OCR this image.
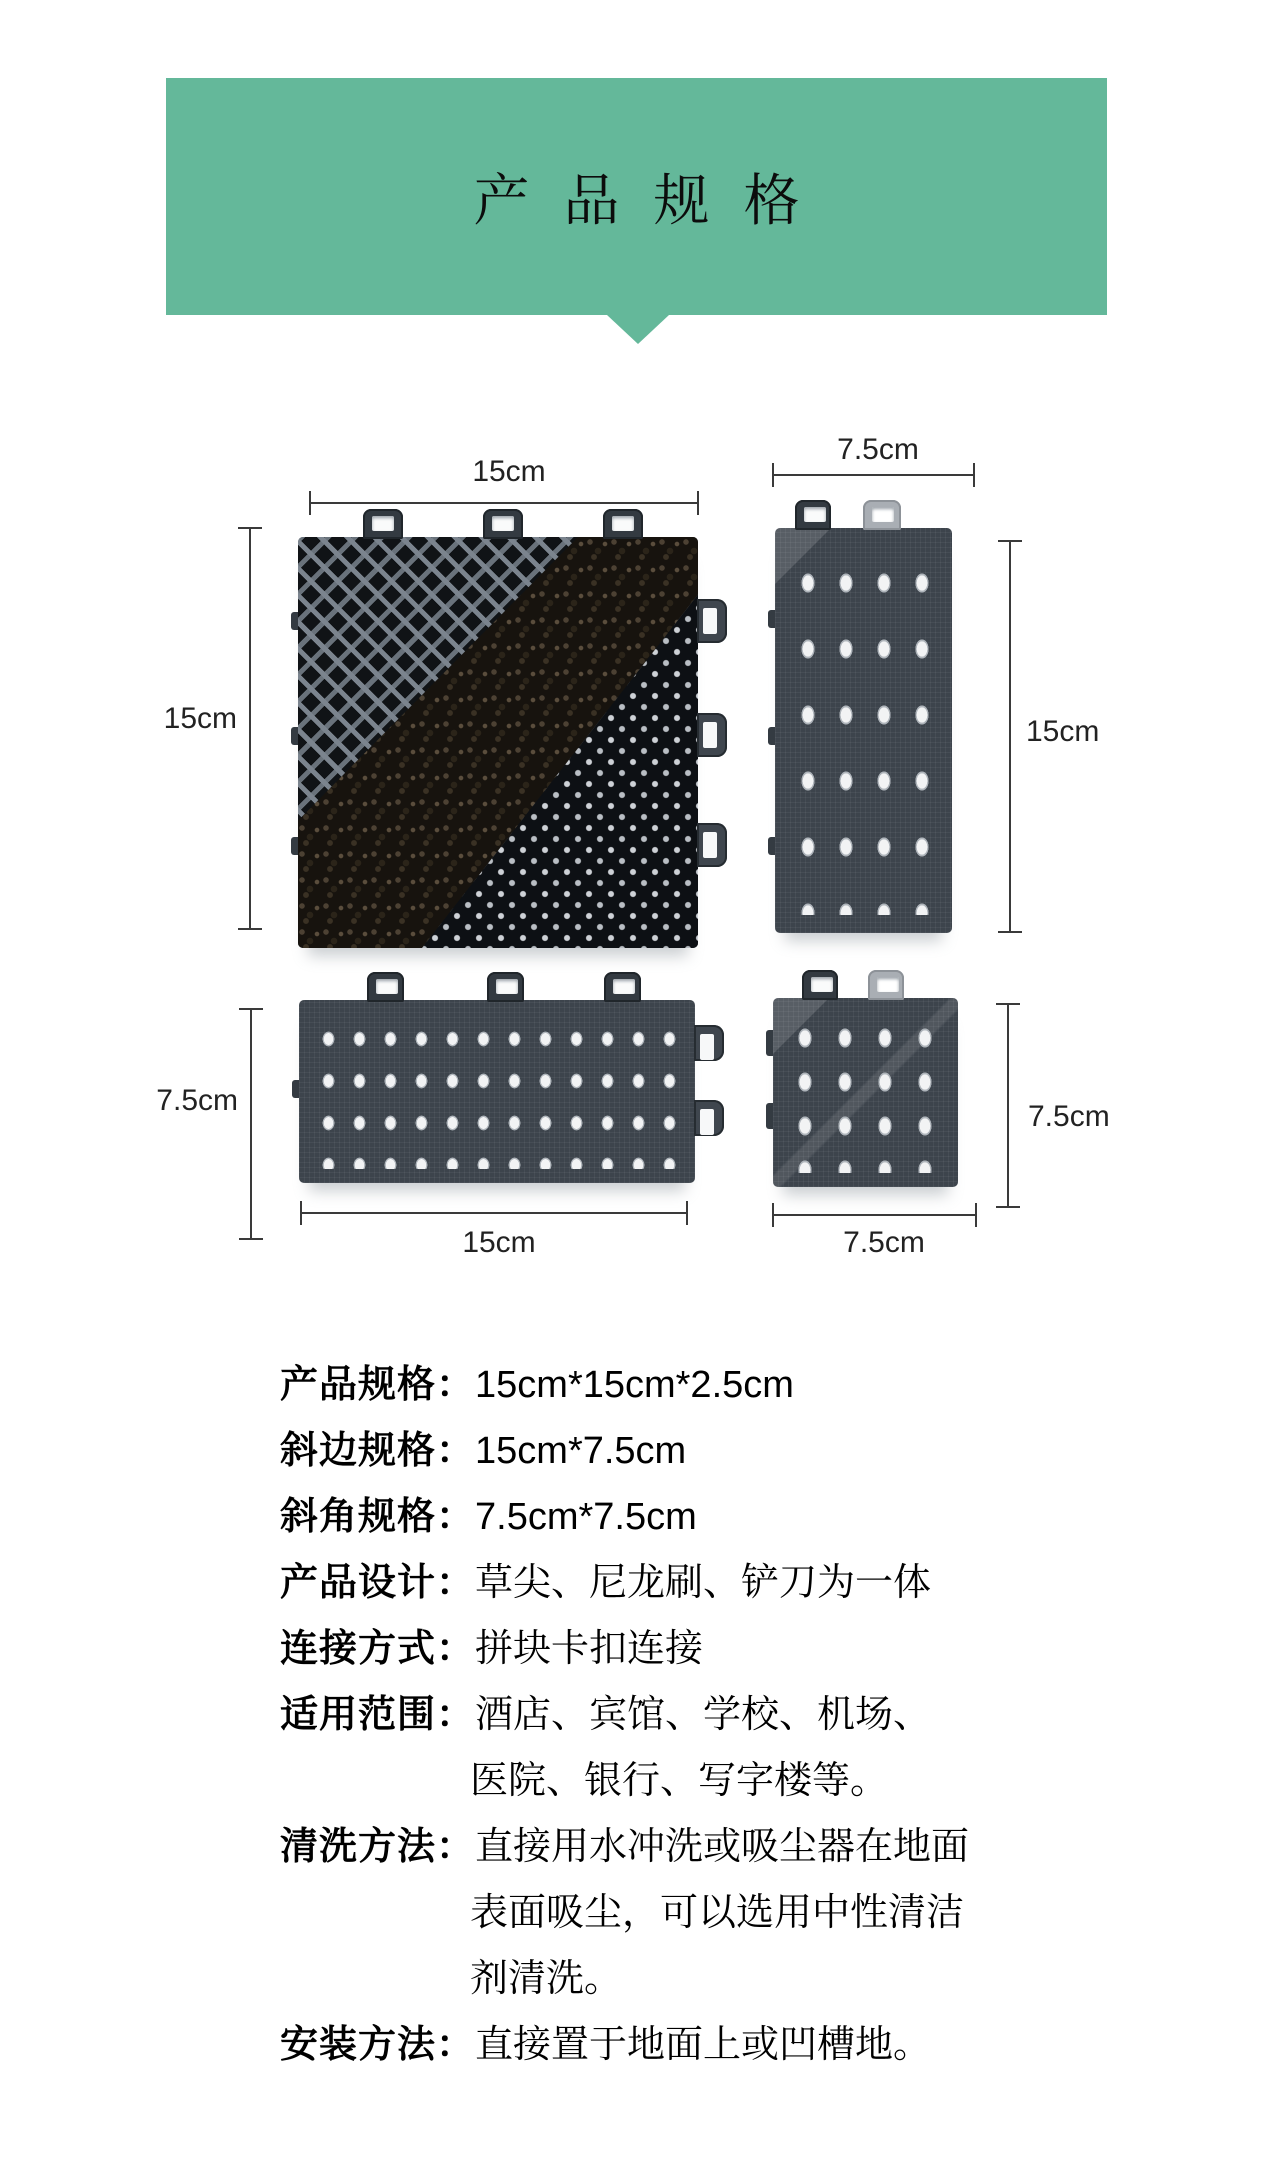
产品规格
15cm
15cm
7.5cm
15cm
7.5cm
15cm	7.5cm
7.5cm
产品规格：15cm*15cm*2.5cm
斜边规格：15cm*7.5cm
斜角规格：7.5cm*7.5cm
产品设计：草尖、尼龙刷、铲刀为一体
连接方式：拼块卡扣连接
适用范围：酒店、宾馆、学校、机场、
医院、银行、写字楼等。
清洗方法：直接用水冲洗或吸尘器在地面
表面吸尘，可以选用中性清洁
剂清洗。
安装方法：直接置于地面上或凹槽地。
